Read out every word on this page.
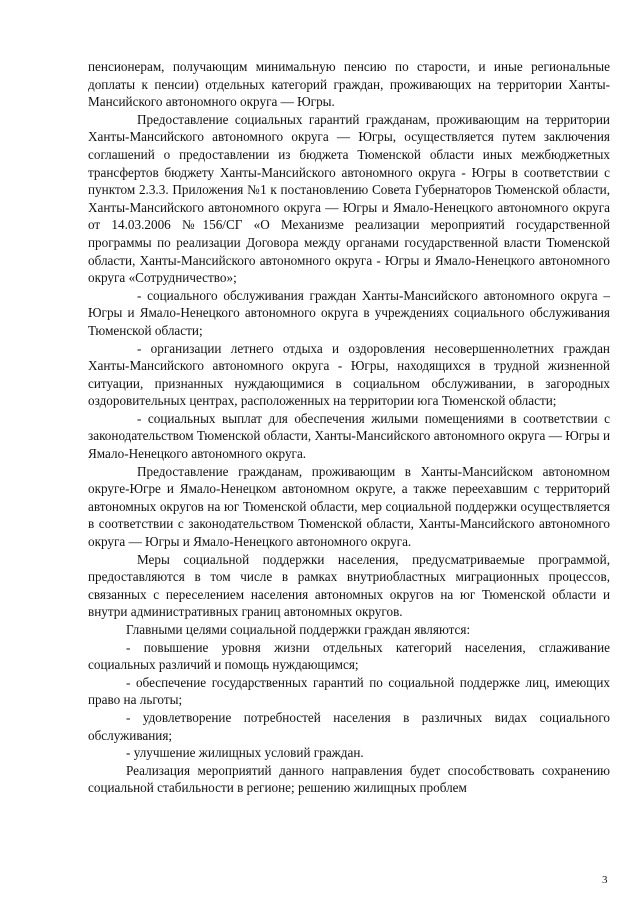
пенсионерам, получающим минимальную пенсию по старости, и иные региональные доплаты к пенсии) отдельных категорий граждан, проживающих на территории Ханты-Мансийского автономного округа — Югры.

Предоставление социальных гарантий гражданам, проживающим на территории Ханты-Мансийского автономного округа — Югры, осуществляется путем заключения соглашений о предоставлении из бюджета Тюменской области иных межбюджетных трансфертов бюджету Ханты-Мансийского автономного округа - Югры в соответствии с пунктом 2.3.3. Приложения №1 к постановлению Совета Губернаторов Тюменской области, Ханты-Мансийского автономного округа — Югры и Ямало-Ненецкого автономного округа от 14.03.2006 №156/СГ «О Механизме реализации мероприятий государственной программы по реализации Договора между органами государственной власти Тюменской области, Ханты-Мансийского автономного округа - Югры и Ямало-Ненецкого автономного округа «Сотрудничество»;

- социального обслуживания граждан Ханты-Мансийского автономного округа – Югры и Ямало-Ненецкого автономного округа в учреждениях социального обслуживания Тюменской области;

- организации летнего отдыха и оздоровления несовершеннолетних граждан Ханты-Мансийского автономного округа - Югры, находящихся в трудной жизненной ситуации, признанных нуждающимися в социальном обслуживании, в загородных оздоровительных центрах, расположенных на территории юга Тюменской области;

- социальных выплат для обеспечения жилыми помещениями в соответствии с законодательством Тюменской области, Ханты-Мансийского автономного округа — Югры и Ямало-Ненецкого автономного округа.

Предоставление гражданам, проживающим в Ханты-Мансийском автономном округе-Югре и Ямало-Ненецком автономном округе, а также переехавшим с территорий автономных округов на юг Тюменской области, мер социальной поддержки осуществляется в соответствии с законодательством Тюменской области, Ханты-Мансийского автономного округа — Югры и Ямало-Ненецкого автономного округа.

Меры социальной поддержки населения, предусматриваемые программой, предоставляются в том числе в рамках внутриобластных миграционных процессов, связанных с переселением населения автономных округов на юг Тюменской области и внутри административных границ автономных округов.

Главными целями социальной поддержки граждан являются:

- повышение уровня жизни отдельных категорий населения, сглаживание социальных различий и помощь нуждающимся;

- обеспечение государственных гарантий по социальной поддержке лиц, имеющих право на льготы;

- удовлетворение потребностей населения в различных видах социального обслуживания;

- улучшение жилищных условий граждан.

Реализация мероприятий данного направления будет способствовать сохранению социальной стабильности в регионе; решению жилищных проблем

3
